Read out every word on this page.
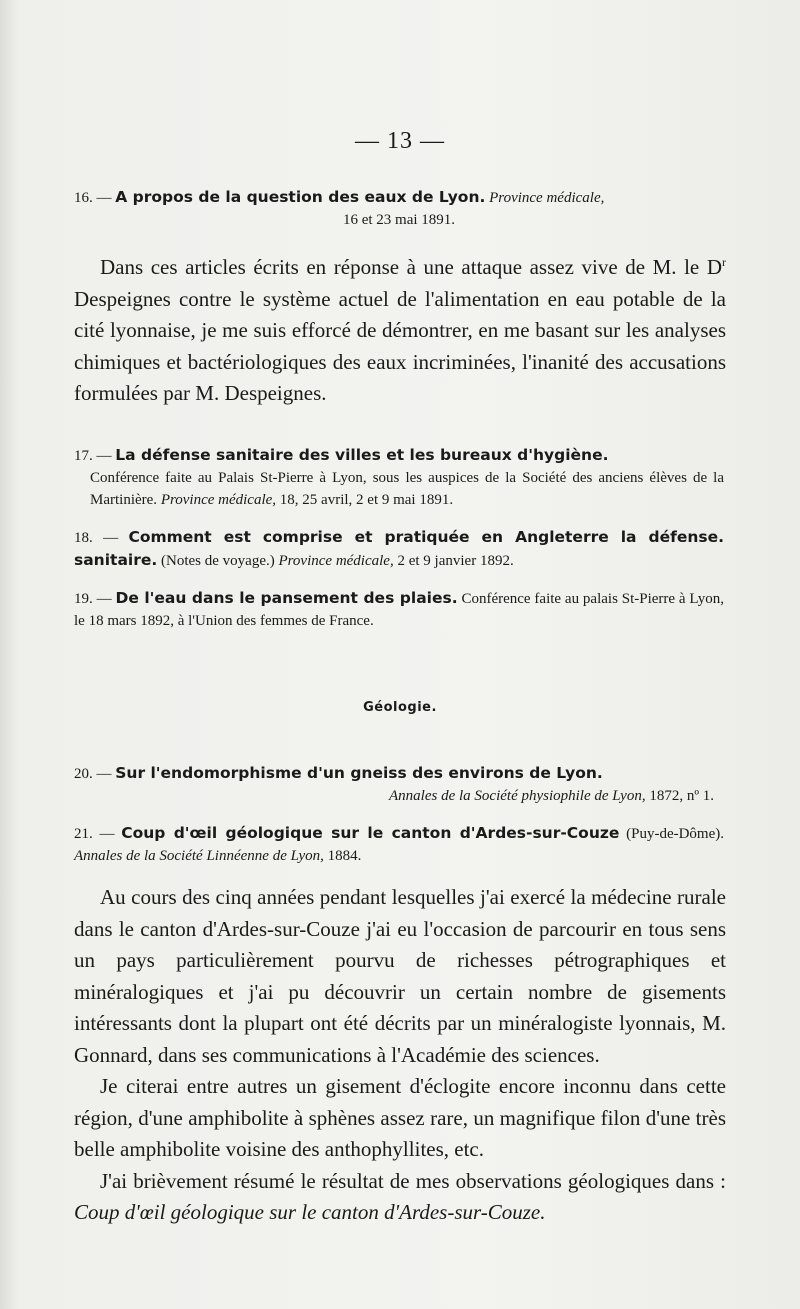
— 13 —
16. — A propos de la question des eaux de Lyon. Province médicale,
16 et 23 mai 1891.

Dans ces articles écrits en réponse à une attaque assez vive de M. le $D^r$ Despeignes contre le système actuel de l'alimentation en eau potable de la cité lyonnaise, je me suis efforcé de démontrer, en me basant sur les analyses chimiques et bactériologiques des eaux incriminées, l'inanité des accusations formulées par M. Despeignes.

17. — La défense sanitaire des villes et les bureaux d'hygiène.
Conférence faite au Palais St-Pierre à Lyon, sous les auspices de la Société des anciens élèves de la Martinière. Province médicale, 18, 25 avril, 2 et 9 mai 1891.
18. — Comment est comprise et pratiquée en Angleterre la défense. sanitaire. (Notes de voyage.) Province médicale, 2 et 9 janvier 1892.
19. — De l'eau dans le pansement des plaies. Conférence faite au palais St-Pierre à Lyon, le 18 mars 1892, à l'Union des femmes de France.
Géologie.
20. — Sur l'endomorphisme d'un gneiss des environs de Lyon.
Annales de la Société physiophile de Lyon, 1872, nº 1.
21. — Coup d'œil géologique sur le canton d'Ardes-sur-Couze (Puy-de-Dôme). Annales de la Société Linnéenne de Lyon, 1884.

Au cours des cinq années pendant lesquelles j'ai exercé la médecine rurale dans le canton d'Ardes-sur-Couze j'ai eu l'occasion de parcourir en tous sens un pays particulièrement pourvu de richesses pétrographiques et minéralogiques et j'ai pu découvrir un certain nombre de gisements intéressants dont la plupart ont été décrits par un minéralogiste lyonnais, M. Gonnard, dans ses communications à l'Académie des sciences.

Je citerai entre autres un gisement d'éclogite encore inconnu dans cette région, d'une amphibolite à sphènes assez rare, un magnifique filon d'une très belle amphibolite voisine des anthophyllites, etc.

J'ai brièvement résumé le résultat de mes observations géologiques dans : Coup d'œil géologique sur le canton d'Ardes-sur-Couze.
